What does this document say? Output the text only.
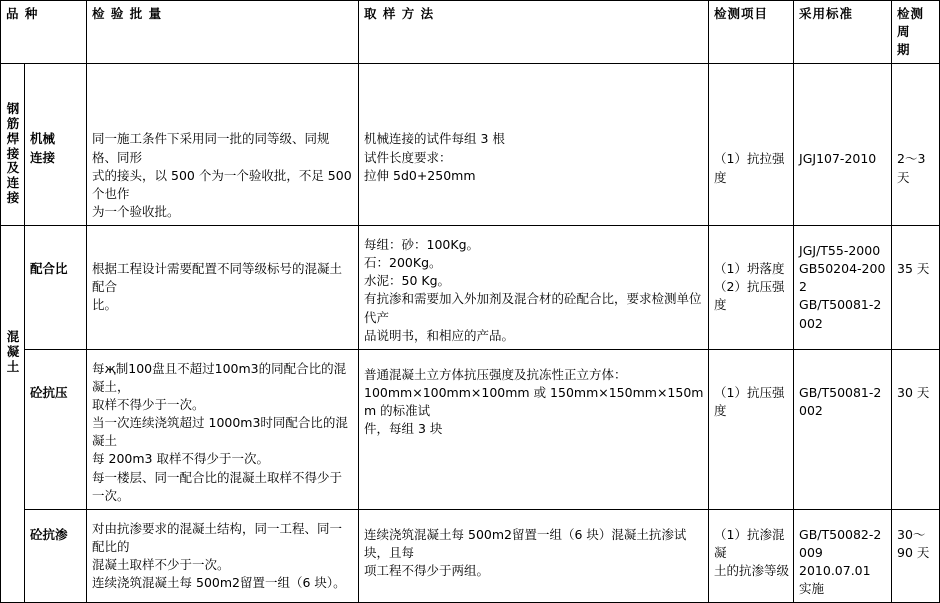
品 种		检 验 批 量	取 样 方 法	检测项目	采用标准	检测周
期

钢筋焊接及连接	机械
连接	同一施工条件下采用同一批的同等级、同规格、同形
式的接头，以 500 个为一个验收批，不足 500 个也作
为一个验收批。	机械连接的试件每组 3 根
试件长度要求：
拉伸 5d0+250mm	（1）抗拉强度	JGJ107-2010	2～3
天

混凝土	配合比	根据工程设计需要配置不同等级标号的混凝土配合
比。	每组：砂：100Kg。
石：200Kg。
水泥：50 Kg。
有抗渗和需要加入外加剂及混合材的砼配合比，要求检测单位代产
品说明书，和相应的产品。	（1）坍落度
（2）抗压强度	JGJ/T55-2000
GB50204-2002
GB/T50081-2002	35 天

	砼抗压	每җ制100盘且不超过100m3的同配合比的混凝土，
取样不得少于一次。
当一次连续浇筑超过 1000m3时同配合比的混凝土
每 200m3 取样不得少于一次。
每一楼层、同一配合比的混凝土取样不得少于一次。	普通混凝土立方体抗压强度及抗冻性正立方体：
100mm×100mm×100mm 或 150mm×150mm×150mm 的标准试
件，每组 3 块	（1）抗压强度	GB/T50081-2002	30 天

	砼抗渗	对由抗渗要求的混凝土结构，同一工程、同一配比的
混凝土取样不少于一次。
连续浇筑混凝土每 500m2留置一组（6 块）。	连续浇筑混凝土每 500m2留置一组（6 块）混凝土抗渗试块，且每
项工程不得少于两组。	（1）抗渗混凝
土的抗渗等级	GB/T50082-2009
2010.07.01 实施	30～
90 天
